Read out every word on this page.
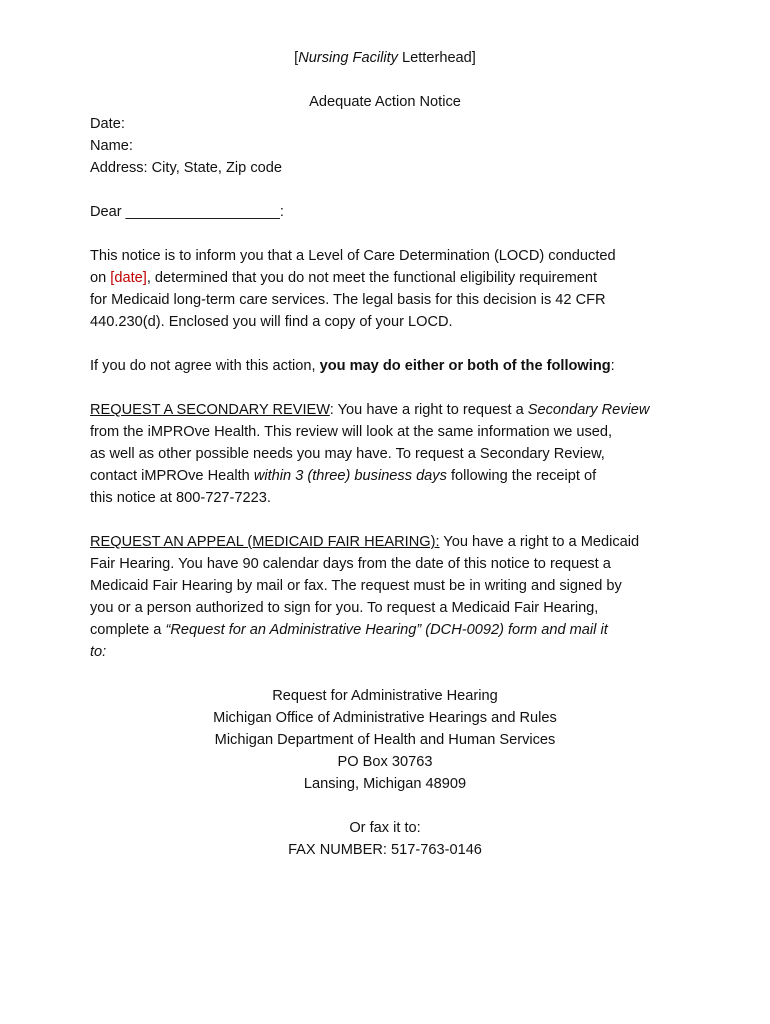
[Nursing Facility Letterhead]

Adequate Action Notice

Date:

Name:

Address: City, State, Zip code

Dear ___________________:

This notice is to inform you that a Level of Care Determination (LOCD) conducted

on [date], determined that you do not meet the functional eligibility requirement

for Medicaid long-term care services. The legal basis for this decision is 42 CFR

440.230(d). Enclosed you will find a copy of your LOCD.

If you do not agree with this action, you may do either or both of the following:

REQUEST A SECONDARY REVIEW: You have a right to request a Secondary Review

from the iMPROve Health. This review will look at the same information we used,

as well as other possible needs you may have. To request a Secondary Review,

contact iMPROve Health within 3 (three) business days following the receipt of

this notice at 800-727-7223.

REQUEST AN APPEAL (MEDICAID FAIR HEARING): You have a right to a Medicaid

Fair Hearing. You have 90 calendar days from the date of this notice to request a

Medicaid Fair Hearing by mail or fax. The request must be in writing and signed by

you or a person authorized to sign for you. To request a Medicaid Fair Hearing,

complete a “Request for an Administrative Hearing” (DCH-0092) form and mail it

to:

Request for Administrative Hearing

Michigan Office of Administrative Hearings and Rules

Michigan Department of Health and Human Services

PO Box 30763

Lansing, Michigan 48909

Or fax it to:

FAX NUMBER: 517-763-0146
